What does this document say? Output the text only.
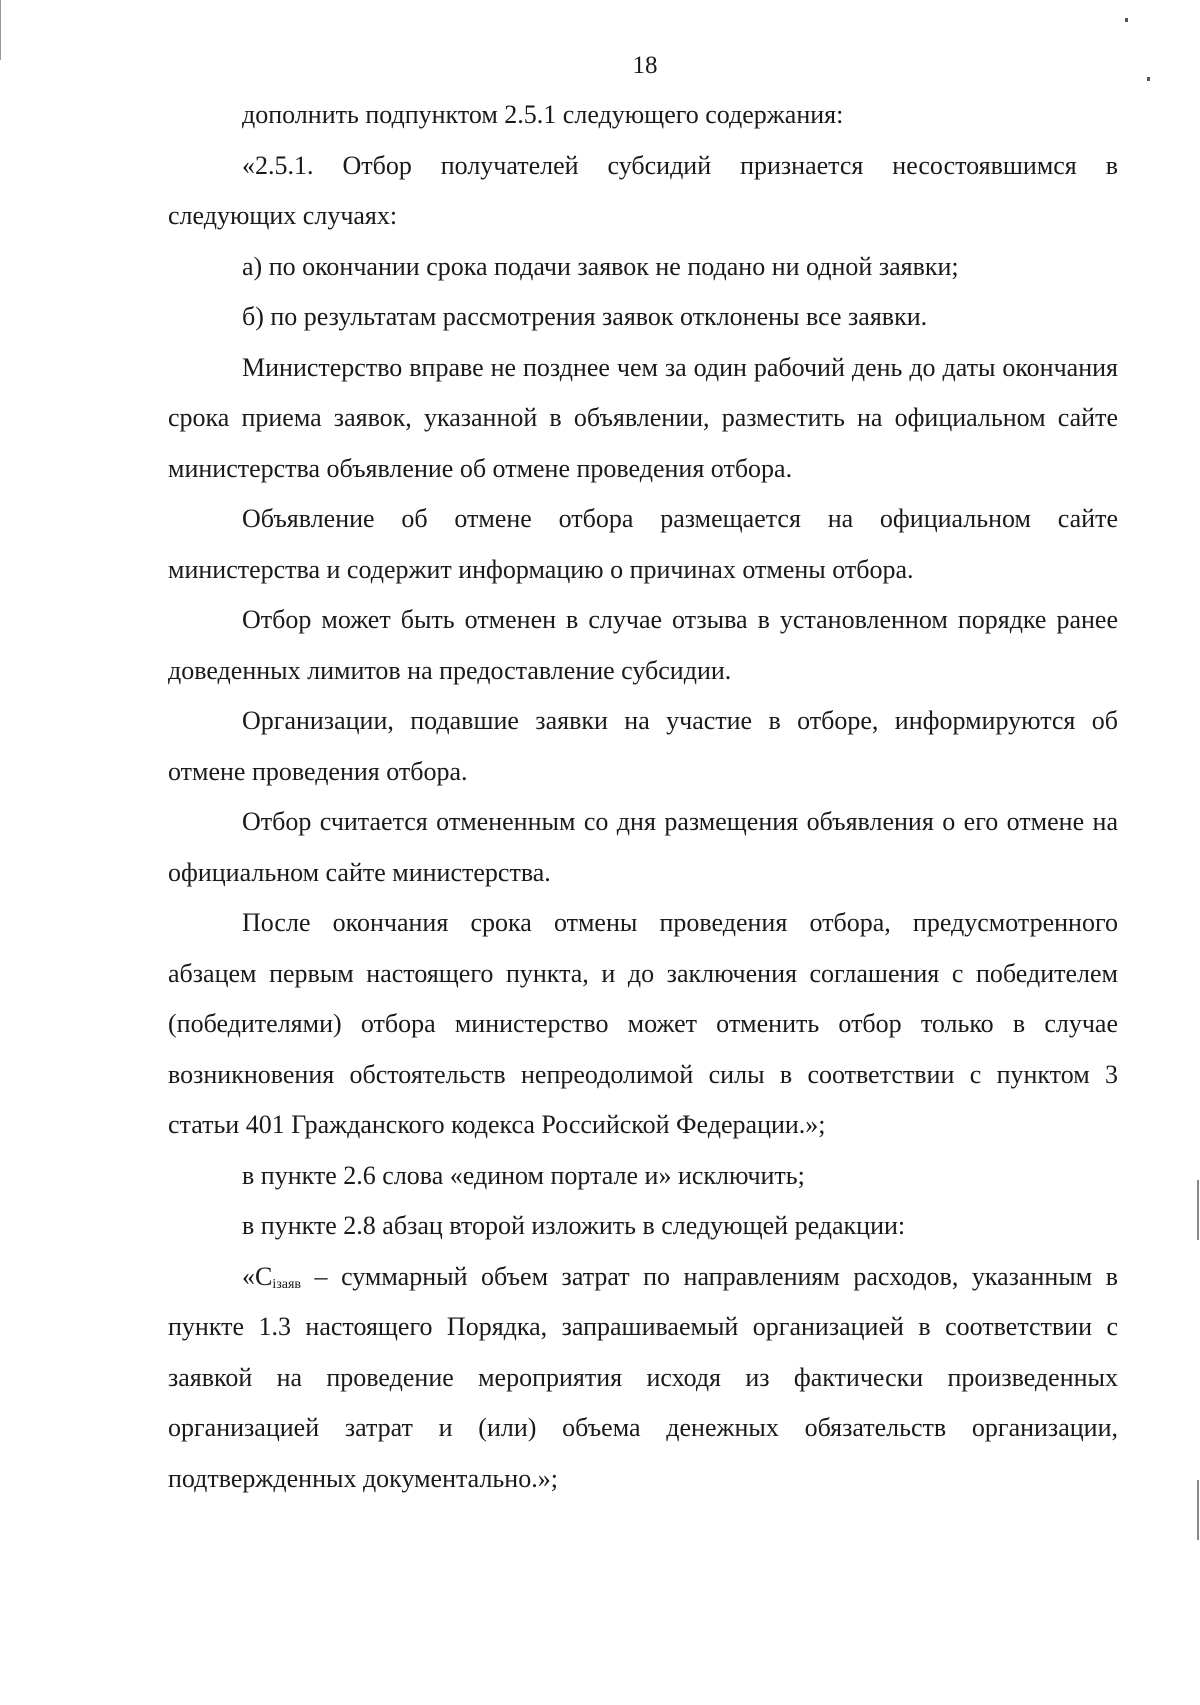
18

дополнить подпунктом 2.5.1 следующего содержания:

«2.5.1. Отбор получателей субсидий признается несостоявшимся в следующих случаях:

а) по окончании срока подачи заявок не подано ни одной заявки;

б) по результатам рассмотрения заявок отклонены все заявки.

Министерство вправе не позднее чем за один рабочий день до даты окончания срока приема заявок, указанной в объявлении, разместить на официальном сайте министерства объявление об отмене проведения отбора.

Объявление об отмене отбора размещается на официальном сайте министерства и содержит информацию о причинах отмены отбора.

Отбор может быть отменен в случае отзыва в установленном порядке ранее доведенных лимитов на предоставление субсидии.

Организации, подавшие заявки на участие в отборе, информируются об отмене проведения отбора.

Отбор считается отмененным со дня размещения объявления о его отмене на официальном сайте министерства.

После окончания срока отмены проведения отбора, предусмотренного абзацем первым настоящего пункта, и до заключения соглашения с победителем (победителями) отбора министерство может отменить отбор только в случае возникновения обстоятельств непреодолимой силы в соответствии с пунктом 3 статьи 401 Гражданского кодекса Российской Федерации.»;

в пункте 2.6 слова «едином портале и» исключить;

в пункте 2.8 абзац второй изложить в следующей редакции:

«$C_{iзаяв}$ – суммарный объем затрат по направлениям расходов, указанным в пункте 1.3 настоящего Порядка, запрашиваемый организацией в соответствии с заявкой на проведение мероприятия исходя из фактически произведенных организацией затрат и (или) объема денежных обязательств организации, подтвержденных документально.»;
